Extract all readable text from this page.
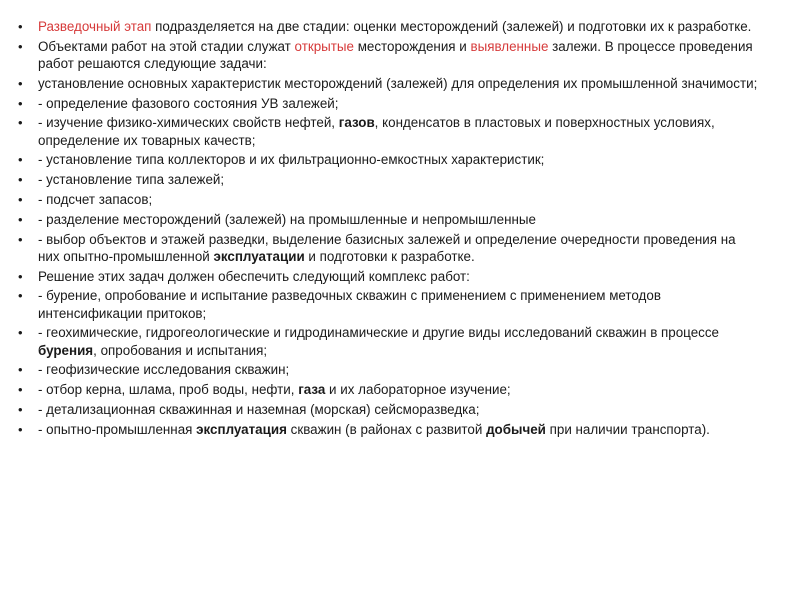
• Разведочный этап подразделяется на две стадии: оценки месторождений (залежей) и подготовки их к разработке.
• Объектами работ на этой стадии служат открытые месторождения и выявленные залежи. В процессе проведения работ решаются следующие задачи:
• установление основных характеристик месторождений (залежей) для определения их промышленной значимости;
• - определение фазового состояния УВ залежей;
• - изучение физико-химических свойств нефтей, газов, конденсатов в пластовых и поверхностных условиях, определение их товарных качеств;
• - установление типа коллекторов и их фильтрационно-емкостных характеристик;
• - установление типа залежей;
• - подсчет запасов;
• - разделение месторождений (залежей) на промышленные и непромышленные
• - выбор объектов и этажей разведки, выделение базисных залежей и определение очередности проведения на них опытно-промышленной эксплуатации и подготовки к разработке.
• Решение этих задач должен обеспечить следующий комплекс работ:
• - бурение, опробование и испытание разведочных скважин с применением с применением методов интенсификации притоков;
• - геохимические, гидрогеологические и гидродинамические и другие виды исследований скважин в процессе бурения, опробования и испытания;
• - геофизические исследования скважин;
• - отбор керна, шлама, проб воды, нефти, газа и их лабораторное изучение;
• - детализационная скважинная и наземная (морская) сейсморазведка;
• - опытно-промышленная эксплуатация скважин (в районах с развитой добычей при наличии транспорта).
